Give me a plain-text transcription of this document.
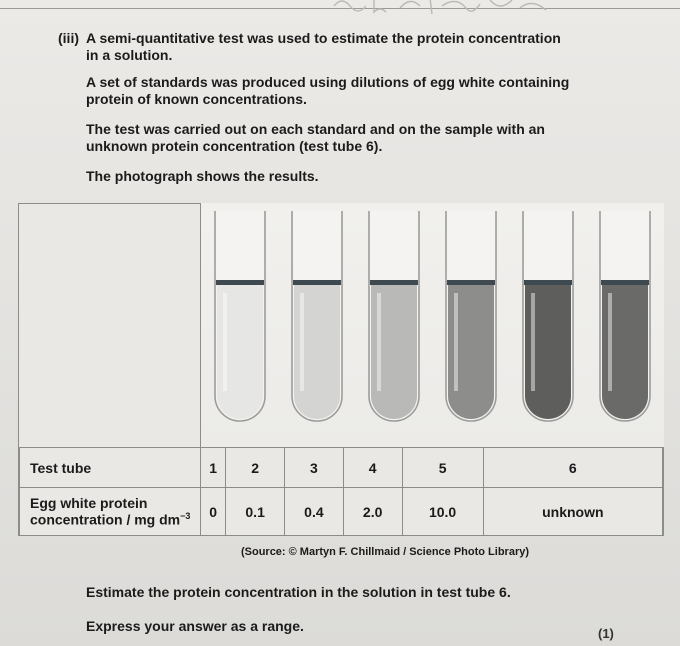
(iii) A semi-quantitative test was used to estimate the protein concentration in a solution.
A set of standards was produced using dilutions of egg white containing protein of known concentrations.
The test was carried out on each standard and on the sample with an unknown protein concentration (test tube 6).
The photograph shows the results.
Test tube	1	2	3	4	5	6

Egg white protein
concentration / mg $dm^{-3}$	0	0.1	0.4	2.0	10.0	unknown
(Source: © Martyn F. Chillmaid / Science Photo Library)
Estimate the protein concentration in the solution in test tube 6.
Express your answer as a range.	(1)
